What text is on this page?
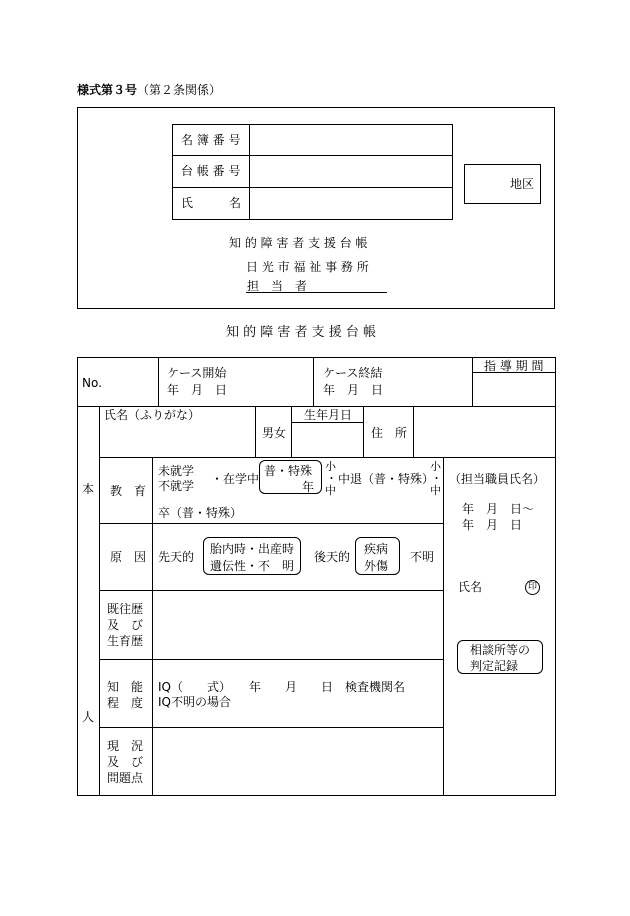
様式第３号（第２条関係）
名 簿 番 号
台 帳 番 号
氏　　　名
地区
知 的 障 害 者 支 援 台 帳
日 光 市 福 祉 事 務 所
担　当　者
知 的 障 害 者 支 援 台 帳
No.
ケース開始
年　月　日
ケース終結
年　月　日
指 導 期 間
本
人
氏名（ふりがな）
男女
生年月日
住　所
教　育
未就学
不就学 ・在学中
普・特殊
年
小
・
中
中退（普・特殊）
小
・
中
卒（普・特殊）
原　因 先天的
胎内時・出産時
遺伝性・不　明
後天的
疾病
外傷
不明
既往歴
及　び
生育歴
知　能
程　度
IQ（　　式）　　年　　月　　日　検査機関名
IQ不明の場合
現　況
及　び
問題点
（担当職員氏名）
年　月　日～
年　月　日
氏名	印
相談所等の
判定記録
